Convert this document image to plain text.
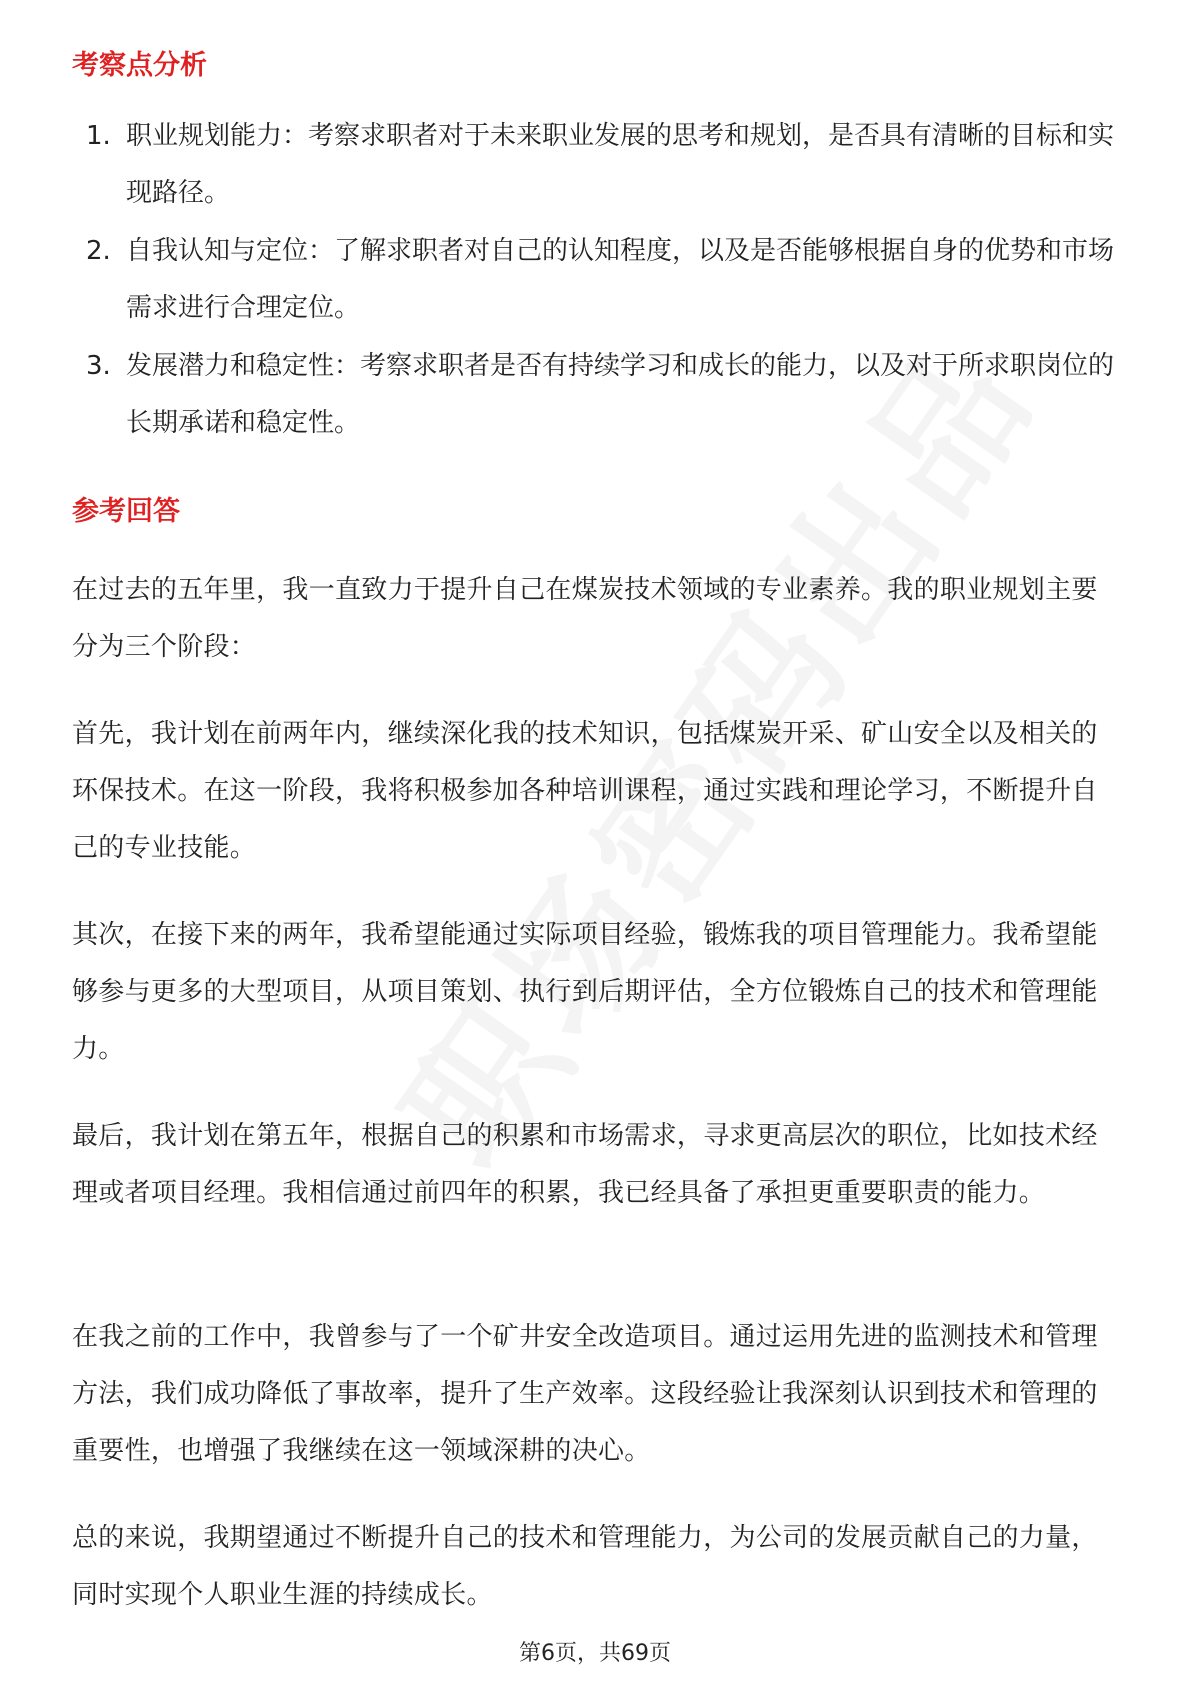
考察点分析
1. 职业规划能力：考察求职者对于未来职业发展的思考和规划，是否具有清晰的目标和实现路径。
2. 自我认知与定位：了解求职者对自己的认知程度，以及是否能够根据自身的优势和市场需求进行合理定位。
3. 发展潜力和稳定性：考察求职者是否有持续学习和成长的能力，以及对于所求职岗位的长期承诺和稳定性。
参考回答

在过去的五年里，我一直致力于提升自己在煤炭技术领域的专业素养。我的职业规划主要分为三个阶段：

首先，我计划在前两年内，继续深化我的技术知识，包括煤炭开采、矿山安全以及相关的环保技术。在这一阶段，我将积极参加各种培训课程，通过实践和理论学习，不断提升自己的专业技能。

其次，在接下来的两年，我希望能通过实际项目经验，锻炼我的项目管理能力。我希望能够参与更多的大型项目，从项目策划、执行到后期评估，全方位锻炼自己的技术和管理能力。

最后，我计划在第五年，根据自己的积累和市场需求，寻求更高层次的职位，比如技术经理或者项目经理。我相信通过前四年的积累，我已经具备了承担更重要职责的能力。

在我之前的工作中，我曾参与了一个矿井安全改造项目。通过运用先进的监测技术和管理方法，我们成功降低了事故率，提升了生产效率。这段经验让我深刻认识到技术和管理的重要性，也增强了我继续在这一领域深耕的决心。

总的来说，我期望通过不断提升自己的技术和管理能力，为公司的发展贡献自己的力量，同时实现个人职业生涯的持续成长。

第6页，共69页
